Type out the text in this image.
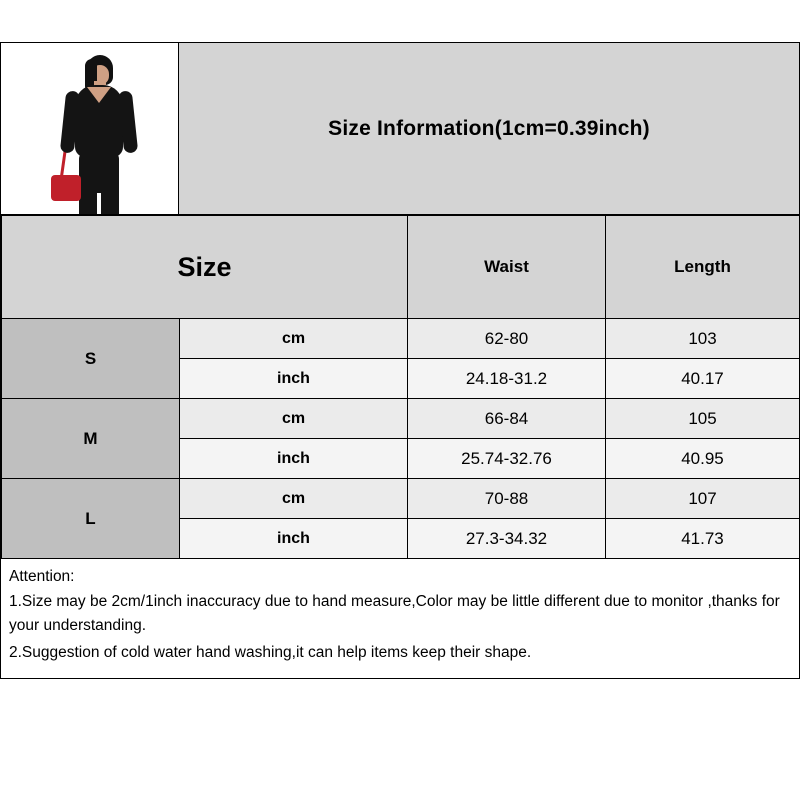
Size Information(1cm=0.39inch)
Size		Waist	Length
S	cm	62-80	103
	inch	24.18-31.2	40.17
M	cm	66-84	105
	inch	25.74-32.76	40.95
L	cm	70-88	107
	inch	27.3-34.32	41.73

Attention:

1.Size may be 2cm/1inch inaccuracy due to hand measure,Color may be little different due to monitor ,thanks for your understanding.

2.Suggestion of cold water hand washing,it can help items keep their shape.
